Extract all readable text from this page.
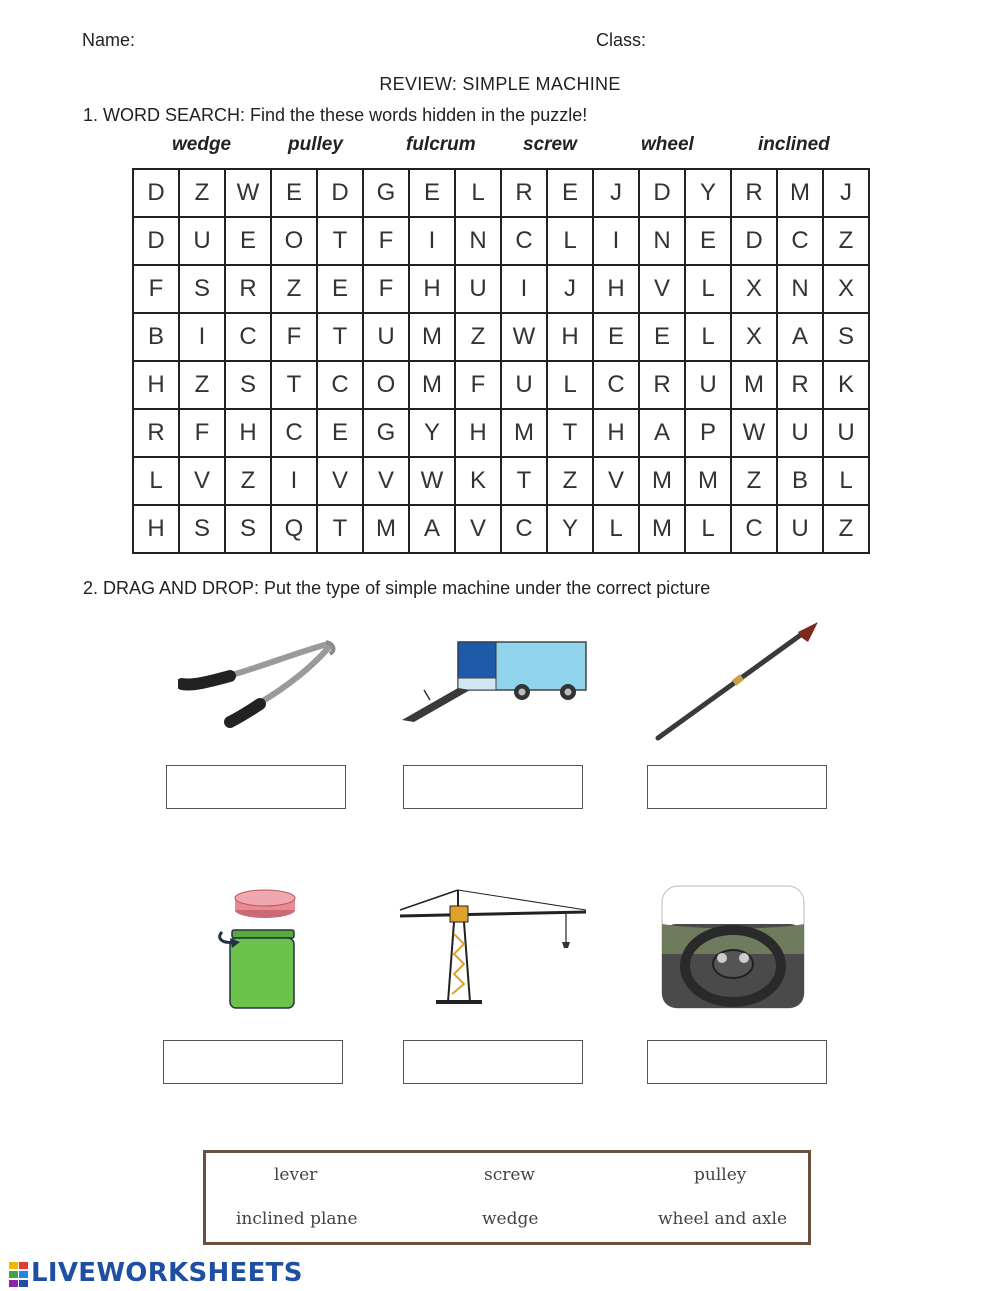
Name:	Class:
REVIEW: SIMPLE MACHINE
1. WORD SEARCH: Find the these words hidden in the puzzle!
wedge	pulley	fulcrum screw	wheel	inclined
D	Z	W	E	D	G	E	L	R	E	J	D	Y	R	M	J
D	U	E	O	T	F	I	N	C	L	I	N	E	D	C	Z
F	S	R	Z	E	F	H	U	I	J	H	V	L	X	N	X
B	I	C	F	T	U	M	Z	W	H	E	E	L	X	A	S
H	Z	S	T	C	O	M	F	U	L	C	R	U	M	R	K
R	F	H	C	E	G	Y	H	M	T	H	A	P	W	U	U
L	V	Z	I	V	V	W	K	T	Z	V	M	M	Z	B	L
H	S	S	Q	T	M	A	V	C	Y	L	M	L	C	U	Z
2. DRAG AND DROP: Put the type of simple machine under the correct picture
lever	screw	pulley
inclined plane	wedge	wheel and axle
LIVEWORKSHEETS
